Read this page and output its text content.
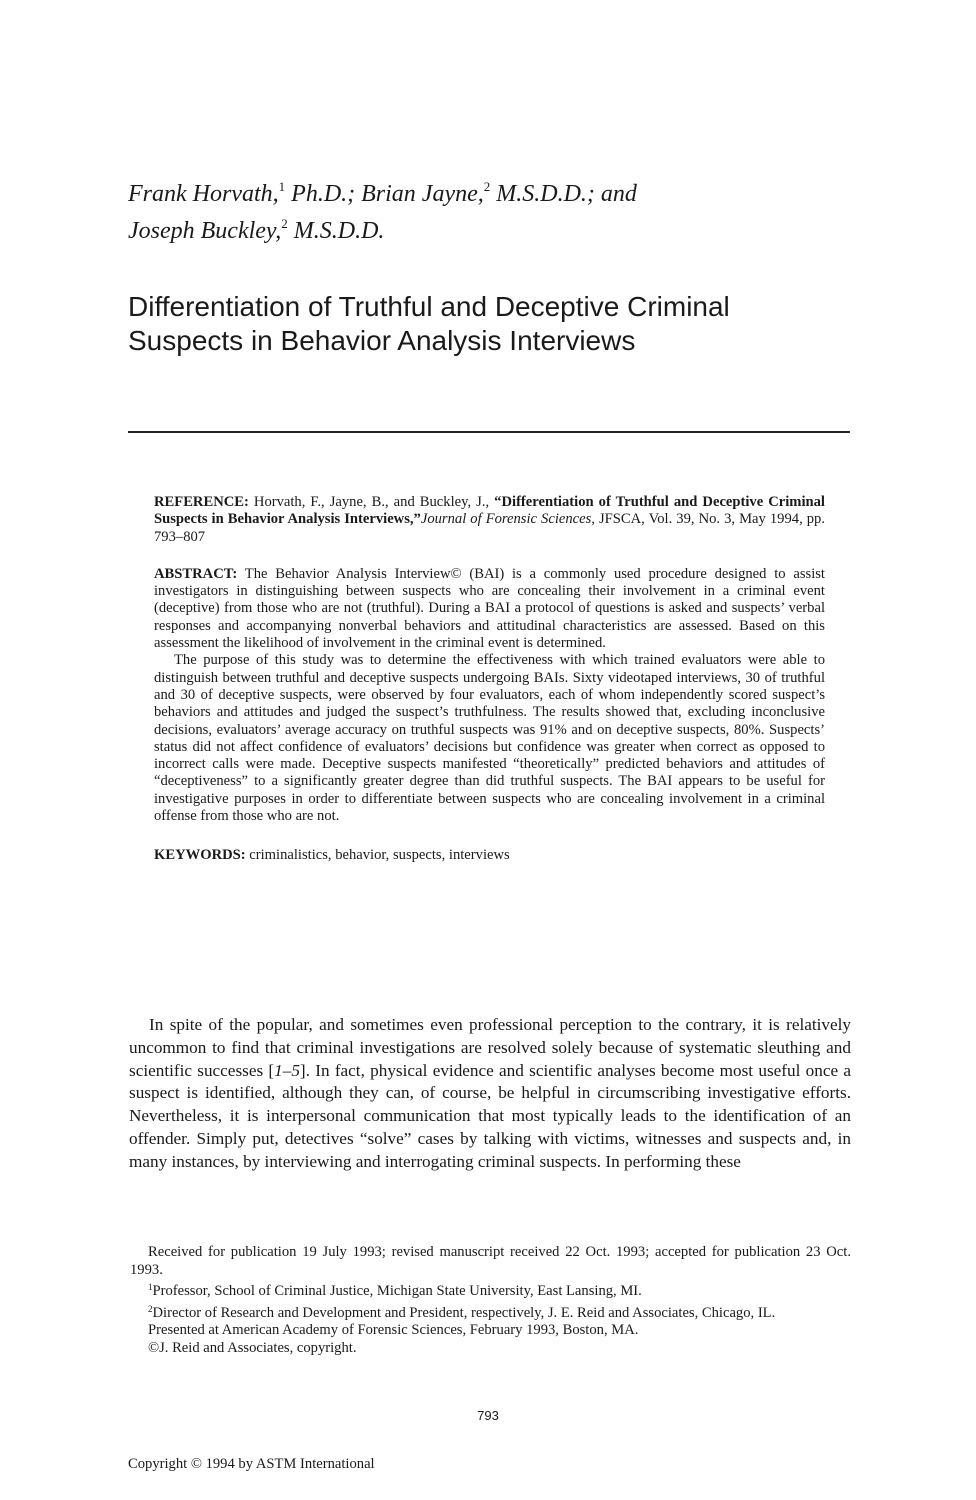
Frank Horvath,$^1$ Ph.D.; Brian Jayne,$^2$ M.S.D.D.; and
Joseph Buckley,$^2$ M.S.D.D.
Differentiation of Truthful and Deceptive Criminal
Suspects in Behavior Analysis Interviews

REFERENCE: Horvath, F., Jayne, B., and Buckley, J., “Differentiation of Truthful and Deceptive Criminal Suspects in Behavior Analysis Interviews,”Journal of Forensic Sciences, JFSCA, Vol. 39, No. 3, May 1994, pp. 793–807

ABSTRACT: The Behavior Analysis Interview© (BAI) is a commonly used procedure designed to assist investigators in distinguishing between suspects who are concealing their involvement in a criminal event (deceptive) from those who are not (truthful). During a BAI a protocol of questions is asked and suspects’ verbal responses and accompanying nonverbal behaviors and attitudinal characteristics are assessed. Based on this assessment the likelihood of involvement in the criminal event is determined.

The purpose of this study was to determine the effectiveness with which trained evaluators were able to distinguish between truthful and deceptive suspects undergoing BAIs. Sixty videotaped interviews, 30 of truthful and 30 of deceptive suspects, were observed by four evaluators, each of whom independently scored suspect’s behaviors and attitudes and judged the suspect’s truthfulness. The results showed that, excluding inconclusive decisions, evaluators’ average accuracy on truthful suspects was 91% and on deceptive suspects, 80%. Suspects’ status did not affect confidence of evaluators’ decisions but confidence was greater when correct as opposed to incorrect calls were made. Deceptive suspects manifested “theoretically” predicted behaviors and attitudes of “deceptiveness” to a significantly greater degree than did truthful suspects. The BAI appears to be useful for investigative purposes in order to differentiate between suspects who are concealing involvement in a criminal offense from those who are not.

KEYWORDS: criminalistics, behavior, suspects, interviews

In spite of the popular, and sometimes even professional perception to the contrary, it is relatively uncommon to find that criminal investigations are resolved solely because of systematic sleuthing and scientific successes [1–5]. In fact, physical evidence and scientific analyses become most useful once a suspect is identified, although they can, of course, be helpful in circumscribing investigative efforts. Nevertheless, it is interpersonal communication that most typically leads to the identification of an offender. Simply put, detectives “solve” cases by talking with victims, witnesses and suspects and, in many instances, by interviewing and interrogating criminal suspects. In performing these

Received for publication 19 July 1993; revised manuscript received 22 Oct. 1993; accepted for publication 23 Oct. 1993.

$^1$Professor, School of Criminal Justice, Michigan State University, East Lansing, MI.

$^2$Director of Research and Development and President, respectively, J. E. Reid and Associates, Chicago, IL.

Presented at American Academy of Forensic Sciences, February 1993, Boston, MA.

©J. Reid and Associates, copyright.

793
Copyright © 1994 by ASTM International
